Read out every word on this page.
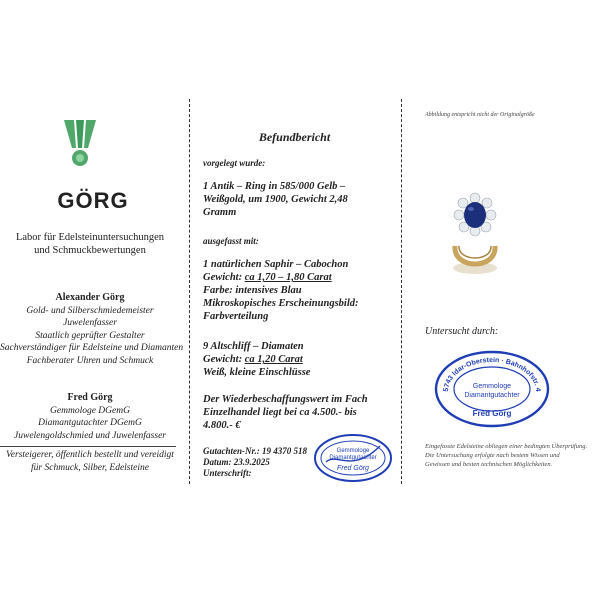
GÖRG
Labor für Edelsteinuntersuchungen
und Schmuckbewertungen
Alexander Görg
Gold- und Silberschmiedemeister
Juwelenfasser
Staatlich geprüfter Gestalter
Sachverständiger für Edelsteine und Diamanten
Fachberater Uhren und Schmuck
Fred Görg
Gemmologe DGemG
Diamantgutachter DGemG
Juwelengoldschmied und Juwelenfasser
Versteigerer, öffentlich bestellt und vereidigt
für Schmuck, Silber, Edelsteine
Befundbericht
vorgelegt wurde:
1 Antik – Ring in 585/000 Gelb –
Weißgold, um 1900, Gewicht 2,48
Gramm
ausgefasst mit:
1 natürlichen Saphir – Cabochon
Gewicht: ca 1,70 – 1,80 Carat
Farbe: intensives Blau
Mikroskopisches Erscheinungsbild:
Farbverteilung
9 Altschliff – Diamaten
Gewicht: ca 1,20 Carat
Weiß, kleine Einschlüsse
Der Wiederbeschaffungswert im Fach
Einzelhandel liegt bei ca 4.500.- bis
4.800.- €
Gutachten-Nr.: 19 4370 518
Datum: 23.9.2025
Unterschrift:
Gemmologe
Diamantgutachter
Fred Görg
Abbildung entspricht nicht der Originalgröße
Untersucht durch:
5743 Idar-Oberstein · Bahnhofstr. 4
Gemmologe
Diamantgutachter
Fred Görg
Eingefasste Edelsteine obliegen einer bedingten Überprüfung.
Die Untersuchung erfolgte nach bestem Wissen und
Gewissen und besten technischen Möglichkeiten.
